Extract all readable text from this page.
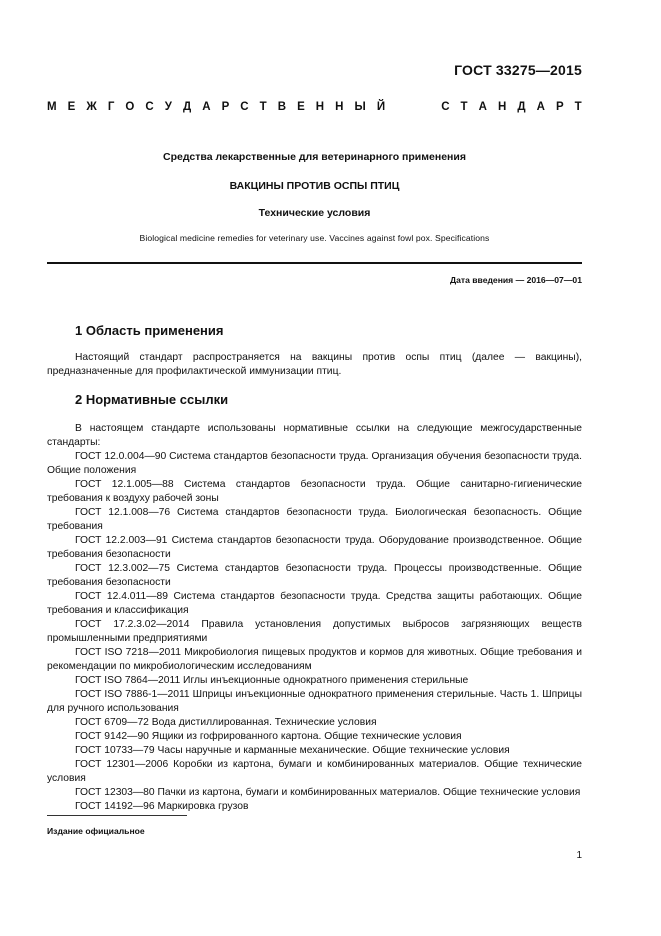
ГОСТ 33275—2015
М Е Ж Г О С У Д А Р С Т В Е Н Н Ы Й	С Т А Н Д А Р Т
Средства лекарственные для ветеринарного применения
ВАКЦИНЫ ПРОТИВ ОСПЫ ПТИЦ
Технические условия
Biological medicine remedies for veterinary use. Vaccines against fowl pox. Specifications
Дата введения — 2016—07—01
1 Область применения
Настоящий стандарт распространяется на вакцины против оспы птиц (далее — вакцины), предназначенные для профилактической иммунизации птиц.
2 Нормативные ссылки

В настоящем стандарте использованы нормативные ссылки на следующие межгосударственные стандарты:

ГОСТ 12.0.004—90 Система стандартов безопасности труда. Организация обучения безопасности труда. Общие положения

ГОСТ 12.1.005—88 Система стандартов безопасности труда. Общие санитарно-гигиенические требования к воздуху рабочей зоны

ГОСТ 12.1.008—76 Система стандартов безопасности труда. Биологическая безопасность. Общие требования

ГОСТ 12.2.003—91 Система стандартов безопасности труда. Оборудование производственное. Общие требования безопасности

ГОСТ 12.3.002—75 Система стандартов безопасности труда. Процессы производственные. Общие требования безопасности

ГОСТ 12.4.011—89 Система стандартов безопасности труда. Средства защиты работающих. Общие требования и классификация

ГОСТ 17.2.3.02—2014 Правила установления допустимых выбросов загрязняющих веществ промышленными предприятиями

ГОСТ ISO 7218—2011 Микробиология пищевых продуктов и кормов для животных. Общие требования и рекомендации по микробиологическим исследованиям

ГОСТ ISO 7864—2011 Иглы инъекционные однократного применения стерильные

ГОСТ ISO 7886-1—2011 Шприцы инъекционные однократного применения стерильные. Часть 1. Шприцы для ручного использования

ГОСТ 6709—72 Вода дистиллированная. Технические условия

ГОСТ 9142—90 Ящики из гофрированного картона. Общие технические условия

ГОСТ 10733—79 Часы наручные и карманные механические. Общие технические условия

ГОСТ 12301—2006 Коробки из картона, бумаги и комбинированных материалов. Общие технические условия

ГОСТ 12303—80 Пачки из картона, бумаги и комбинированных материалов. Общие технические условия

ГОСТ 14192—96 Маркировка грузов

Издание официальное
1
